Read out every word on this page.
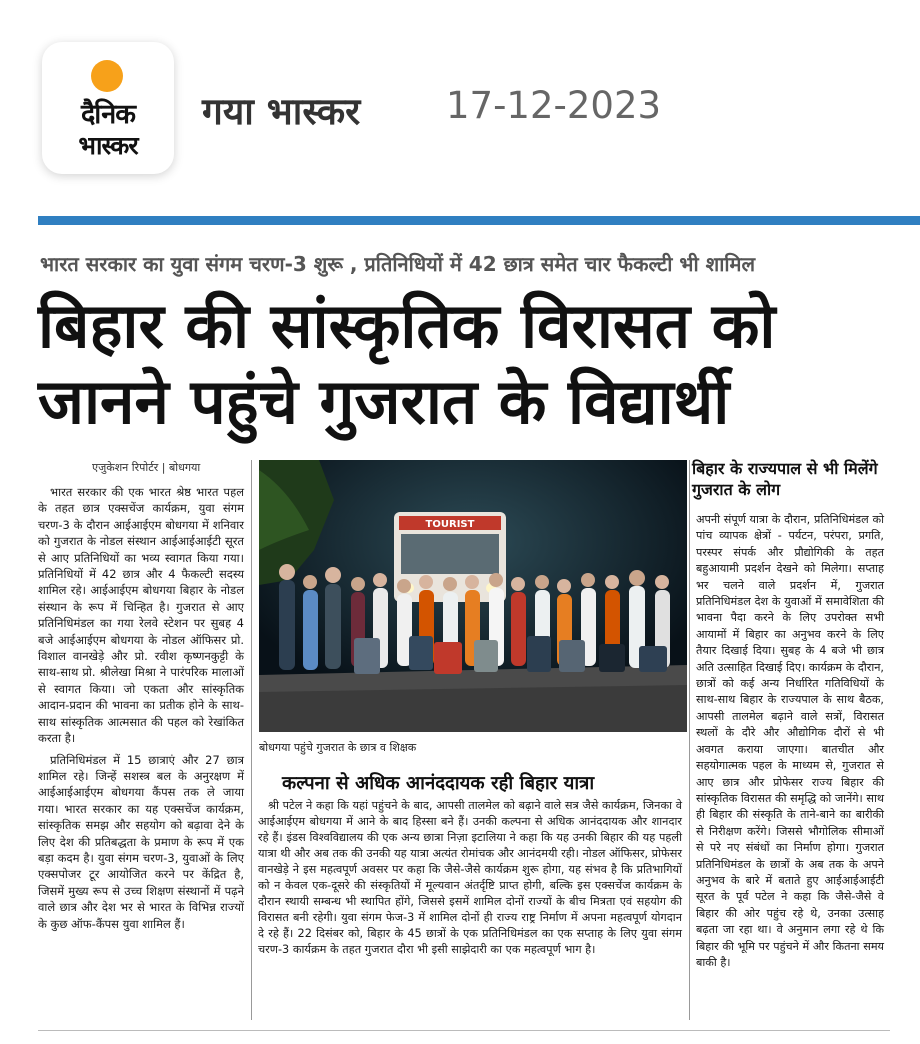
दैनिक
भास्कर
गया भास्कर 17-12-2023
भारत सरकार का युवा संगम चरण-3 शुरू , प्रतिनिधियों में 42 छात्र समेत चार फैकल्टी भी शामिल
बिहार की सांस्कृतिक विरासत को जानने पहुंचे गुजरात के विद्यार्थी
एजुकेशन रिपोर्टर | बोधगया

भारत सरकार की एक भारत श्रेष्ठ भारत पहल के तहत छात्र एक्सचेंज कार्यक्रम, युवा संगम चरण-3 के दौरान आईआईएम बोधगया में शनिवार को गुजरात के नोडल संस्थान आईआईआईटी सूरत से आए प्रतिनिधियों का भव्य स्वागत किया गया। प्रतिनिधियों में 42 छात्र और 4 फैकल्टी सदस्य शामिल रहे। आईआईएम बोधगया बिहार के नोडल संस्थान के रूप में चिन्हित है। गुजरात से आए प्रतिनिधिमंडल का गया रेलवे स्टेशन पर सुबह 4 बजे आईआईएम बोधगया के नोडल ऑफिसर प्रो. विशाल वानखेड़े और प्रो. रवीश कृष्णनकुट्टी के साथ-साथ प्रो. श्रीलेखा मिश्रा ने पारंपरिक मालाओं से स्वागत किया। जो एकता और सांस्कृतिक आदान-प्रदान की भावना का प्रतीक होने के साथ-साथ सांस्कृतिक आत्मसात की पहल को रेखांकित करता है।

प्रतिनिधिमंडल में 15 छात्राएं और 27 छात्र शामिल रहे। जिन्हें सशस्त्र बल के अनुरक्षण में आईआईआईएम बोधगया कैंपस तक ले जाया गया। भारत सरकार का यह एक्सचेंज कार्यक्रम, सांस्कृतिक समझ और सहयोग को बढ़ावा देने के लिए देश की प्रतिबद्धता के प्रमाण के रूप में एक बड़ा कदम है। युवा संगम चरण-3, युवाओं के लिए एक्सपोजर टूर आयोजित करने पर केंद्रित है, जिसमें मुख्य रूप से उच्च शिक्षण संस्थानों में पढ़ने वाले छात्र और देश भर से भारत के विभिन्न राज्यों के कुछ ऑफ-कैंपस युवा शामिल हैं।

TOURIST
बोधगया पहुंचे गुजरात के छात्र व शिक्षक
कल्पना से अधिक आनंददायक रही बिहार यात्रा

श्री पटेल ने कहा कि यहां पहुंचने के बाद, आपसी तालमेल को बढ़ाने वाले सत्र जैसे कार्यक्रम, जिनका वे आईआईएम बोधगया में आने के बाद हिस्सा बने हैं। उनकी कल्पना से अधिक आनंददायक और शानदार रहे हैं। इंडस विश्वविद्यालय की एक अन्य छात्रा निज़ा इटालिया ने कहा कि यह उनकी बिहार की यह पहली यात्रा थी और अब तक की उनकी यह यात्रा अत्यंत रोमांचक और आनंदमयी रही। नोडल ऑफिसर, प्रोफेसर वानखेड़े ने इस महत्वपूर्ण अवसर पर कहा कि जैसे-जैसे कार्यक्रम शुरू होगा, यह संभव है कि प्रतिभागियों को न केवल एक-दूसरे की संस्कृतियों में मूल्यवान अंतर्दृष्टि प्राप्त होगी, बल्कि इस एक्सचेंज कार्यक्रम के दौरान स्थायी सम्बन्ध भी स्थापित होंगे, जिससे इसमें शामिल दोनों राज्यों के बीच मित्रता एवं सहयोग की विरासत बनी रहेगी। युवा संगम फेज-3 में शामिल दोनों ही राज्य राष्ट्र निर्माण में अपना महत्वपूर्ण योगदान दे रहे हैं। 22 दिसंबर को, बिहार के 45 छात्रों के एक प्रतिनिधिमंडल का एक सप्ताह के लिए युवा संगम चरण-3 कार्यक्रम के तहत गुजरात दौरा भी इसी साझेदारी का एक महत्वपूर्ण भाग है।

बिहार के राज्यपाल से भी मिलेंगे गुजरात के लोग

अपनी संपूर्ण यात्रा के दौरान, प्रतिनिधिमंडल को पांच व्यापक क्षेत्रों - पर्यटन, परंपरा, प्रगति, परस्पर संपर्क और प्रौद्योगिकी के तहत बहुआयामी प्रदर्शन देखने को मिलेगा। सप्ताह भर चलने वाले प्रदर्शन में, गुजरात प्रतिनिधिमंडल देश के युवाओं में समावेशिता की भावना पैदा करने के लिए उपरोक्त सभी आयामों में बिहार का अनुभव करने के लिए तैयार दिखाई दिया। सुबह के 4 बजे भी छात्र अति उत्साहित दिखाई दिए। कार्यक्रम के दौरान, छात्रों को कई अन्य निर्धारित गतिविधियों के साथ-साथ बिहार के राज्यपाल के साथ बैठक, आपसी तालमेल बढ़ाने वाले सत्रों, विरासत स्थलों के दौरे और औद्योगिक दौरों से भी अवगत कराया जाएगा। बातचीत और सहयोगात्मक पहल के माध्यम से, गुजरात से आए छात्र और प्रोफेसर राज्य बिहार की सांस्कृतिक विरासत की समृद्धि को जानेंगे। साथ ही बिहार की संस्कृति के ताने-बाने का बारीकी से निरीक्षण करेंगे। जिससे भौगोलिक सीमाओं से परे नए संबंधों का निर्माण होगा। गुजरात प्रतिनिधिमंडल के छात्रों के अब तक के अपने अनुभव के बारे में बताते हुए आईआईआईटी सूरत के पूर्व पटेल ने कहा कि जैसे-जैसे वे बिहार की ओर पहुंच रहे थे, उनका उत्साह बढ़ता जा रहा था। वे अनुमान लगा रहे थे कि बिहार की भूमि पर पहुंचने में और कितना समय बाकी है।
